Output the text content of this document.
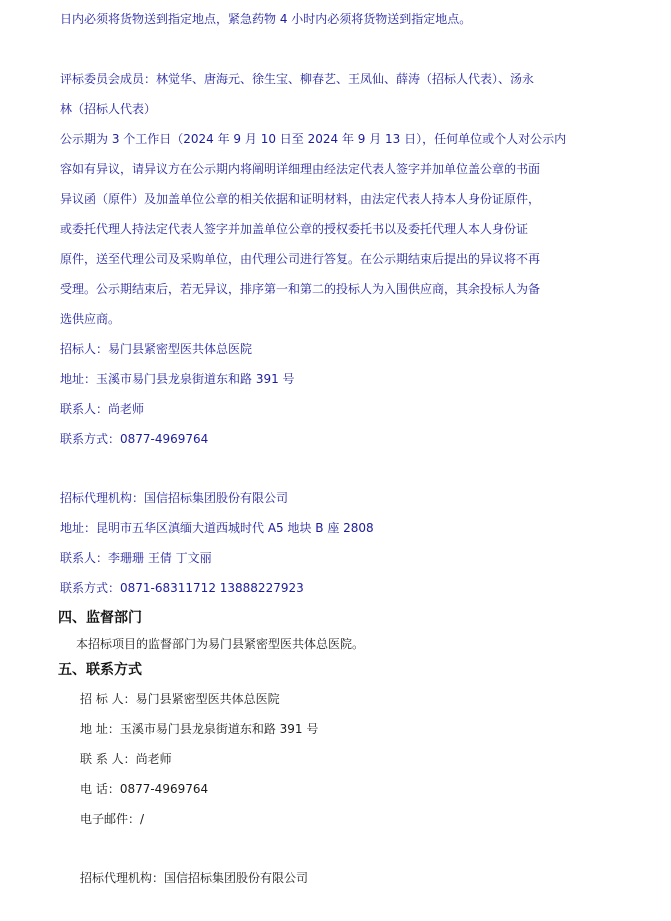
日内必须将货物送到指定地点，紧急药物 4 小时内必须将货物送到指定地点。
评标委员会成员：林觉华、唐海元、徐生宝、柳春艺、王凤仙、薛涛（招标人代表）、汤永
林（招标人代表）
公示期为 3 个工作日（2024 年 9 月 10 日至 2024 年 9 月 13 日），任何单位或个人对公示内
容如有异议，请异议方在公示期内将阐明详细理由经法定代表人签字并加单位盖公章的书面
异议函（原件）及加盖单位公章的相关依据和证明材料，由法定代表人持本人身份证原件，
或委托代理人持法定代表人签字并加盖单位公章的授权委托书以及委托代理人本人身份证
原件，送至代理公司及采购单位，由代理公司进行答复。在公示期结束后提出的异议将不再
受理。公示期结束后，若无异议，排序第一和第二的投标人为入围供应商，其余投标人为备
选供应商。
招标人：易门县紧密型医共体总医院
地址：玉溪市易门县龙泉街道东和路 391 号
联系人：尚老师
联系方式：0877-4969764
招标代理机构：国信招标集团股份有限公司
地址：昆明市五华区滇缅大道西城时代 A5 地块 B 座 2808
联系人：李珊珊 王倩 丁文丽
联系方式：0871-68311712 13888227923
四、监督部门
本招标项目的监督部门为易门县紧密型医共体总医院。
五、联系方式
招 标 人：易门县紧密型医共体总医院
地 址：玉溪市易门县龙泉街道东和路 391 号
联 系 人：尚老师
电 话：0877-4969764
电子邮件：/
招标代理机构：国信招标集团股份有限公司
